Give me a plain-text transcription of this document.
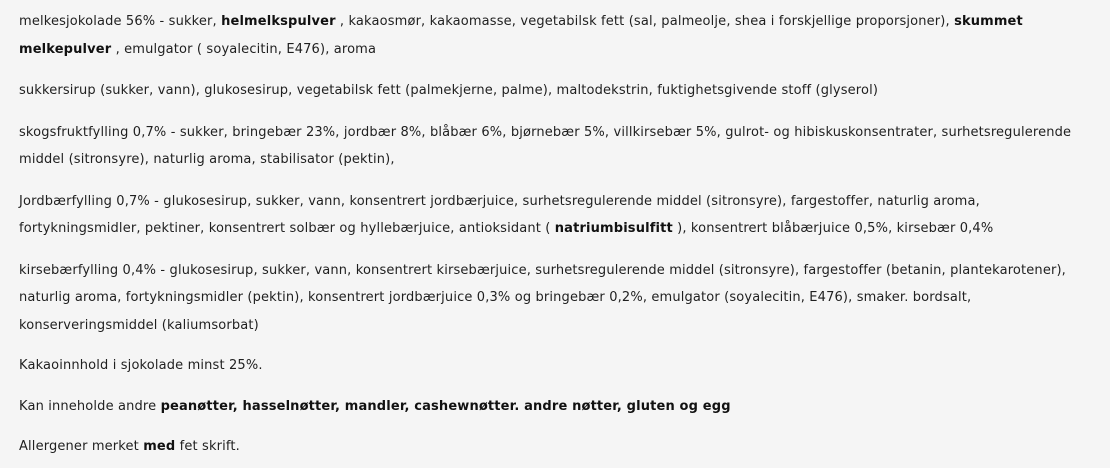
melkesjokolade 56% - sukker, helmelkspulver , kakaosmør, kakaomasse, vegetabilsk fett (sal, palmeolje, shea i forskjellige proporsjoner), skummet melkepulver , emulgator ( soyalecitin, E476), aroma

sukkersirup (sukker, vann), glukosesirup, vegetabilsk fett (palmekjerne, palme), maltodekstrin, fuktighetsgivende stoff (glyserol)

skogsfruktfylling 0,7% - sukker, bringebær 23%, jordbær 8%, blåbær 6%, bjørnebær 5%, villkirsebær 5%, gulrot- og hibiskuskonsentrater, surhetsregulerende middel (sitronsyre), naturlig aroma, stabilisator (pektin),

Jordbærfylling 0,7% - glukosesirup, sukker, vann, konsentrert jordbærjuice, surhetsregulerende middel (sitronsyre), fargestoffer, naturlig aroma, fortykningsmidler, pektiner, konsentrert solbær og hyllebærjuice, antioksidant ( natriumbisulfitt ), konsentrert blåbærjuice 0,5%, kirsebær 0,4%

kirsebærfylling 0,4% - glukosesirup, sukker, vann, konsentrert kirsebærjuice, surhetsregulerende middel (sitronsyre), fargestoffer (betanin, plantekarotener), naturlig aroma, fortykningsmidler (pektin), konsentrert jordbærjuice 0,3% og bringebær 0,2%, emulgator (soyalecitin, E476), smaker. bordsalt, konserveringsmiddel (kaliumsorbat)

Kakaoinnhold i sjokolade minst 25%.

Kan inneholde andre peanøtter, hasselnøtter, mandler, cashewnøtter. andre nøtter, gluten og egg

Allergener merket med fet skrift.
